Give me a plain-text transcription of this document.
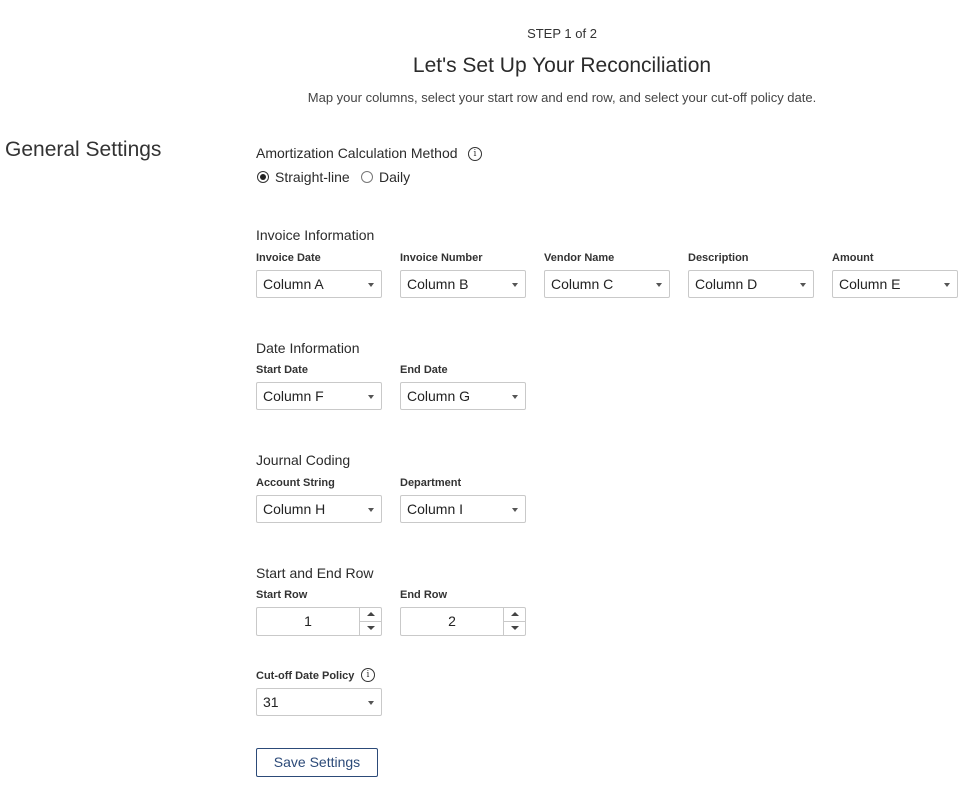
STEP 1 of 2
Let's Set Up Your Reconciliation
Map your columns, select your start row and end row, and select your cut-off policy date.
General Settings	Amortization Calculation Method	i
Straight-line Daily
Invoice Information
Invoice Date
Column A
Invoice Number
Column B
Vendor Name
Column C
Description
Column D
Amount
Column E
Date Information
Start Date
Column F
End Date
Column G
Journal Coding
Account String
Column H
Department
Column I
Start and End Row
Start Row
1
End Row
2
Cut-off Date Policy	i
31
Save Settings
